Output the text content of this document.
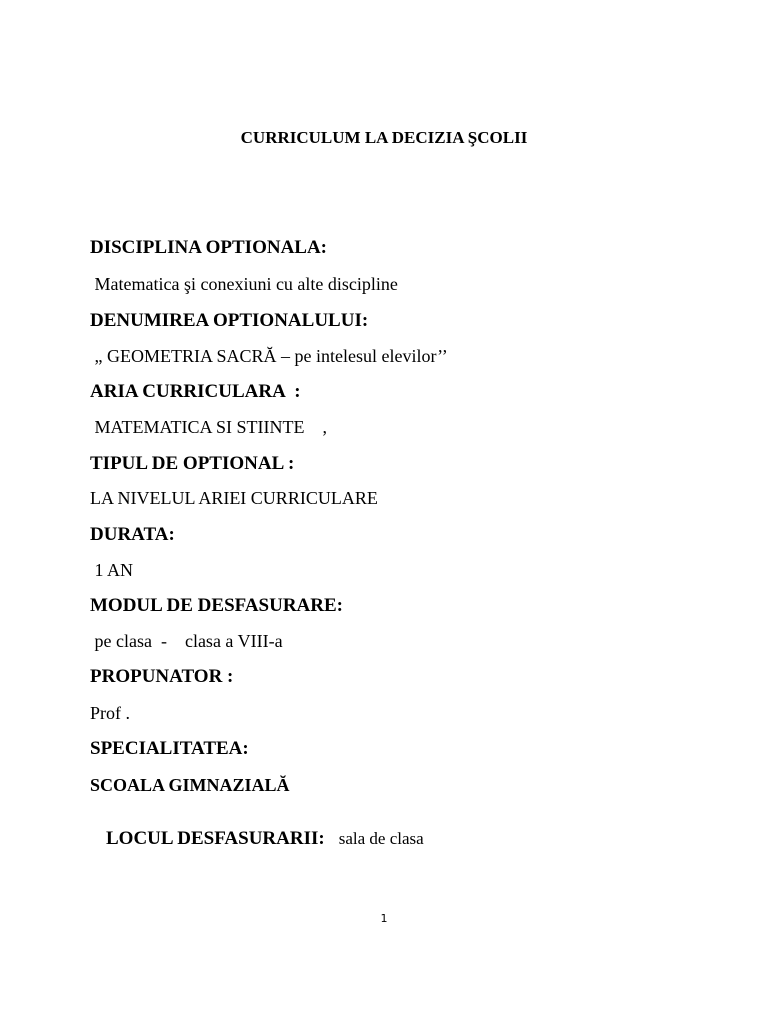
CURRICULUM LA DECIZIA ŞCOLII
DISCIPLINA OPTIONALA:
Matematica şi conexiuni cu alte discipline
DENUMIREA OPTIONALULUI:
„ GEOMETRIA SACRĂ – pe intelesul elevilor’’
ARIA CURRICULARA  :
MATEMATICA SI STIINTE    ,
TIPUL DE OPTIONAL :
LA NIVELUL ARIEI CURRICULARE
DURATA:
1 AN
MODUL DE DESFASURARE:
pe clasa  -    clasa a VIII-a
PROPUNATOR :
Prof .
SPECIALITATEA:
SCOALA GIMNAZIALĂ

LOCUL DESFASURARII: sala de clasa

1
